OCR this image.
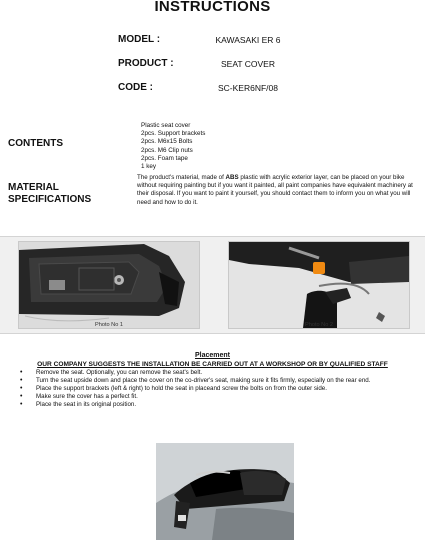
INSTRUCTIONS
MODEL :	KAWASAKI ER 6
PRODUCT :	SEAT COVER
CODE :	SC-KER6NF/08
CONTENTS
Plastic seat cover
2pcs. Support brackets
2pcs. M6x15 Bolts
2pcs. M6 Clip nuts
2pcs. Foam tape
1 key
MATERIAL
SPECIFICATIONS
The product's material, made of ABS plastic with acrylic exterior layer, can be placed on your bike without requiring painting but if you want it painted, all paint companies have equivalent machinery at their disposal. If you want to paint it yourself, you should contact them to inform you on what you will need and how to do it.
Photo No 1	Photo No 2
Placement
OUR COMPANY SUGGESTS THE INSTALLATION BE CARRIED OUT AT A WORKSHOP OR BY QUALIFIED STAFF
• Remove the seat. Optionally, you can remove the seat's belt.
• Turn the seat upside down and place the cover on the co-driver's seat, making sure it fits firmly, especially on the rear end.
• Place the support brackets (left & right) to hold the seat in placeand screw the bolts on from the outer side.
• Make sure the cover has a perfect fit.
• Place the seat in its original position.
